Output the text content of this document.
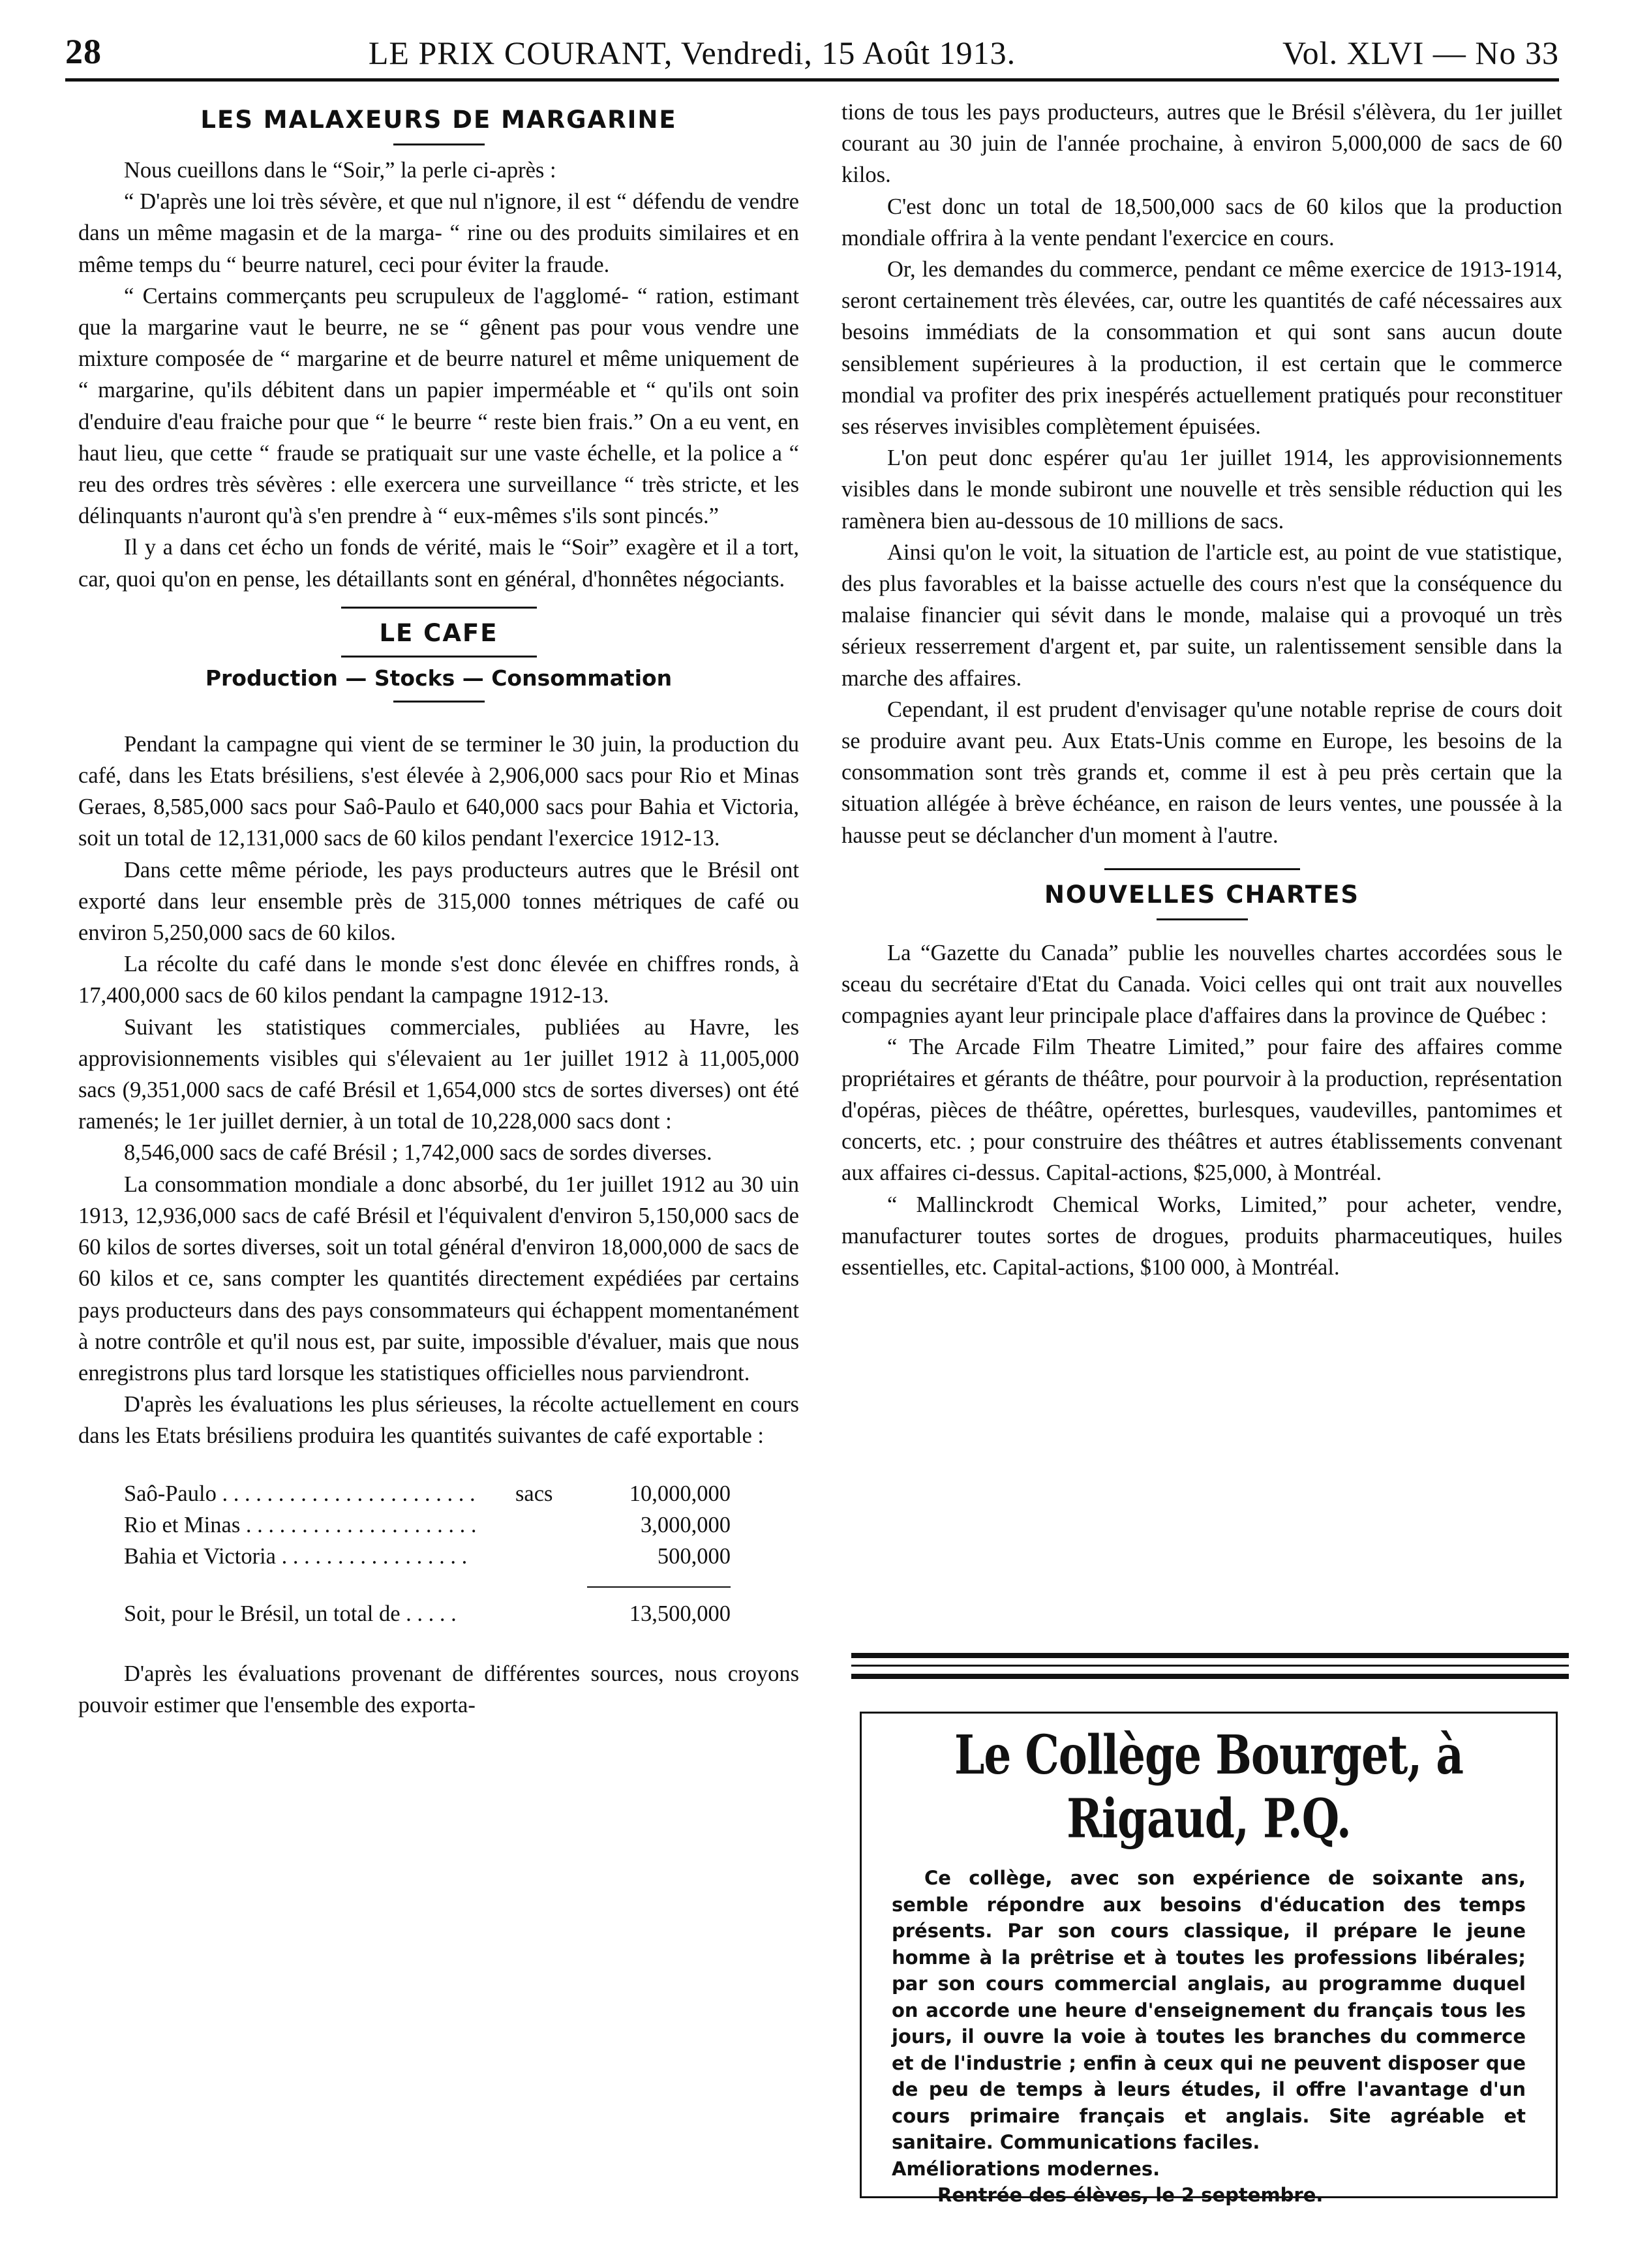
28	LE PRIX COURANT, Vendredi, 15 Août 1913.	Vol. XLVI — No 33
LES MALAXEURS DE MARGARINE

Nous cueillons dans le “Soir,” la perle ci-après :

“ D'après une loi très sévère, et que nul n'ignore, il est “ défendu de vendre dans un même magasin et de la marga- “ rine ou des produits similaires et en même temps du “ beurre naturel, ceci pour éviter la fraude.

“ Certains commerçants peu scrupuleux de l'agglomé- “ ration, estimant que la margarine vaut le beurre, ne se “ gênent pas pour vous vendre une mixture composée de “ margarine et de beurre naturel et même uniquement de “ margarine, qu'ils débitent dans un papier imperméable et “ qu'ils ont soin d'enduire d'eau fraiche pour que “ le beurre “ reste bien frais.” On a eu vent, en haut lieu, que cette “ fraude se pratiquait sur une vaste échelle, et la police a “ reu des ordres très sévères : elle exercera une surveillance “ très stricte, et les délinquants n'auront qu'à s'en prendre à “ eux-mêmes s'ils sont pincés.”

Il y a dans cet écho un fonds de vérité, mais le “Soir” exagère et il a tort, car, quoi qu'on en pense, les détaillants sont en général, d'honnêtes négociants.

LE CAFE
Production — Stocks — Consommation

Pendant la campagne qui vient de se terminer le 30 juin, la production du café, dans les Etats brésiliens, s'est élevée à 2,906,000 sacs pour Rio et Minas Geraes, 8,585,000 sacs pour Saô-Paulo et 640,000 sacs pour Bahia et Victoria, soit un total de 12,131,000 sacs de 60 kilos pendant l'exercice 1912-13.

Dans cette même période, les pays producteurs autres que le Brésil ont exporté dans leur ensemble près de 315,000 tonnes métriques de café ou environ 5,250,000 sacs de 60 kilos.

La récolte du café dans le monde s'est donc élevée en chiffres ronds, à 17,400,000 sacs de 60 kilos pendant la campagne 1912-13.

Suivant les statistiques commerciales, publiées au Havre, les approvisionnements visibles qui s'élevaient au 1er juillet 1912 à 11,005,000 sacs (9,351,000 sacs de café Brésil et 1,654,000 stcs de sortes diverses) ont été ramenés; le 1er juillet dernier, à un total de 10,228,000 sacs dont :

8,546,000 sacs de café Brésil ; 1,742,000 sacs de sordes diverses.

La consommation mondiale a donc absorbé, du 1er juillet 1912 au 30 uin 1913, 12,936,000 sacs de café Brésil et l'équivalent d'environ 5,150,000 sacs de 60 kilos de sortes diverses, soit un total général d'environ 18,000,000 de sacs de 60 kilos et ce, sans compter les quantités directement expédiées par certains pays producteurs dans des pays consommateurs qui échappent momentanément à notre contrôle et qu'il nous est, par suite, impossible d'évaluer, mais que nous enregistrons plus tard lorsque les statistiques officielles nous parviendront.

D'après les évaluations les plus sérieuses, la récolte actuellement en cours dans les Etats brésiliens produira les quantités suivantes de café exportable :

Saô-Paulo . . . . . . . . . . . . . . . . . . . . . . .	sacs	10,000,000
Rio et Minas . . . . . . . . . . . . . . . . . . . . .		3,000,000
Bahia et Victoria . . . . . . . . . . . . . . . . .		500,000

Soit, pour le Brésil, un total de . . . . .		13,500,000

D'après les évaluations provenant de différentes sources, nous croyons pouvoir estimer que l'ensemble des exporta-

tions de tous les pays producteurs, autres que le Brésil s'élèvera, du 1er juillet courant au 30 juin de l'année prochaine, à environ 5,000,000 de sacs de 60 kilos.

C'est donc un total de 18,500,000 sacs de 60 kilos que la production mondiale offrira à la vente pendant l'exercice en cours.

Or, les demandes du commerce, pendant ce même exercice de 1913-1914, seront certainement très élevées, car, outre les quantités de café nécessaires aux besoins immédiats de la consommation et qui sont sans aucun doute sensiblement supérieures à la production, il est certain que le commerce mondial va profiter des prix inespérés actuellement pratiqués pour reconstituer ses réserves invisibles complètement épuisées.

L'on peut donc espérer qu'au 1er juillet 1914, les approvisionnements visibles dans le monde subiront une nouvelle et très sensible réduction qui les ramènera bien au-dessous de 10 millions de sacs.

Ainsi qu'on le voit, la situation de l'article est, au point de vue statistique, des plus favorables et la baisse actuelle des cours n'est que la conséquence du malaise financier qui sévit dans le monde, malaise qui a provoqué un très sérieux resserrement d'argent et, par suite, un ralentissement sensible dans la marche des affaires.

Cependant, il est prudent d'envisager qu'une notable reprise de cours doit se produire avant peu. Aux Etats-Unis comme en Europe, les besoins de la consommation sont très grands et, comme il est à peu près certain que la situation allégée à brève échéance, en raison de leurs ventes, une poussée à la hausse peut se déclancher d'un moment à l'autre.

NOUVELLES CHARTES

La “Gazette du Canada” publie les nouvelles chartes accordées sous le sceau du secrétaire d'Etat du Canada. Voici celles qui ont trait aux nouvelles compagnies ayant leur principale place d'affaires dans la province de Québec :

“ The Arcade Film Theatre Limited,” pour faire des affaires comme propriétaires et gérants de théâtre, pour pourvoir à la production, représentation d'opéras, pièces de théâtre, opérettes, burlesques, vaudevilles, pantomimes et concerts, etc. ; pour construire des théâtres et autres établissements convenant aux affaires ci-dessus. Capital-actions, $25,000, à Montréal.

“ Mallinckrodt Chemical Works, Limited,” pour acheter, vendre, manufacturer toutes sortes de drogues, produits pharmaceutiques, huiles essentielles, etc. Capital-actions, $100 000, à Montréal.

Le Collège Bourget, à Rigaud, P.Q.

Ce collège, avec son expérience de soixante ans, semble répondre aux besoins d'éducation des temps présents. Par son cours classique, il prépare le jeune homme à la prêtrise et à toutes les professions libérales; par son cours commercial anglais, au programme duquel on accorde une heure d'enseignement du français tous les jours, il ouvre la voie à toutes les branches du commerce et de l'industrie ; enfin à ceux qui ne peuvent disposer que de peu de temps à leurs études, il offre l'avantage d'un cours primaire français et anglais. Site agréable et sanitaire. Communications faciles.

Améliorations modernes.

Rentrée des élèves, le 2 septembre.
